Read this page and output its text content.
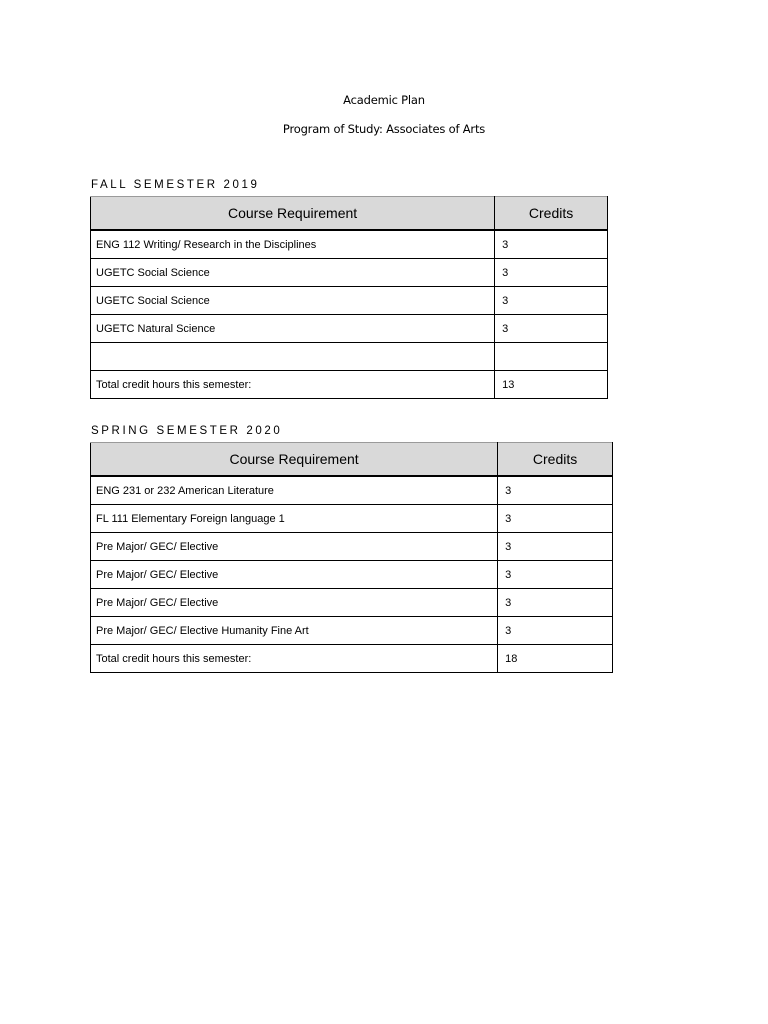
Academic Plan
Program of Study: Associates of Arts
FALL SEMESTER 2019
Course Requirement	Credits
ENG 112 Writing/ Research in the Disciplines	3
UGETC Social Science	3
UGETC Social Science	3
UGETC Natural Science	3

Total credit hours this semester:	13
SPRING SEMESTER 2020
Course Requirement	Credits
ENG 231 or 232 American Literature	3
FL 111 Elementary Foreign language 1	3
Pre Major/ GEC/ Elective	3
Pre Major/ GEC/ Elective	3
Pre Major/ GEC/ Elective	3
Pre Major/ GEC/ Elective Humanity Fine Art	3
Total credit hours this semester:	18
